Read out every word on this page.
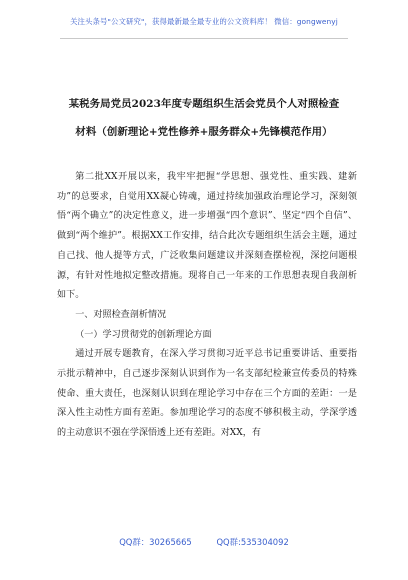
关注头条号"公文研究"，获得最新最全最专业的公文资料库！ 微信：gongwenyj
某税务局党员2023年度专题组织生活会党员个人对照检查
材料（创新理论+党性修养+服务群众+先锋模范作用）

第二批XX开展以来，我牢牢把握“学思想、强党性、重实践、建新功”的总要求，自觉用XX凝心铸魂，通过持续加强政治理论学习，深刻领悟“两个确立”的决定性意义，进一步增强“四个意识”、坚定“四个自信”、做到“两个维护”。根据XX工作安排，结合此次专题组织生活会主题，通过自己找、他人提等方式，广泛收集问题建议并深刻查摆检视，深挖问题根源，有针对性地拟定整改措施。现将自己一年来的工作思想表现自我剖析如下。

一、对照检查剖析情况

（一）学习贯彻党的创新理论方面

通过开展专题教育，在深入学习贯彻习近平总书记重要讲话、重要指示批示精神中，自己逐步深刻认识到作为一名支部纪检兼宣传委员的特殊使命、重大责任，也深刻认识到在理论学习中存在三个方面的差距：一是深入性主动性方面有差距。参加理论学习的态度不够积极主动，学深学透的主动意识不强在学深悟透上还有差距。对XX，有

QQ群：30265665	QQ群:535304092
